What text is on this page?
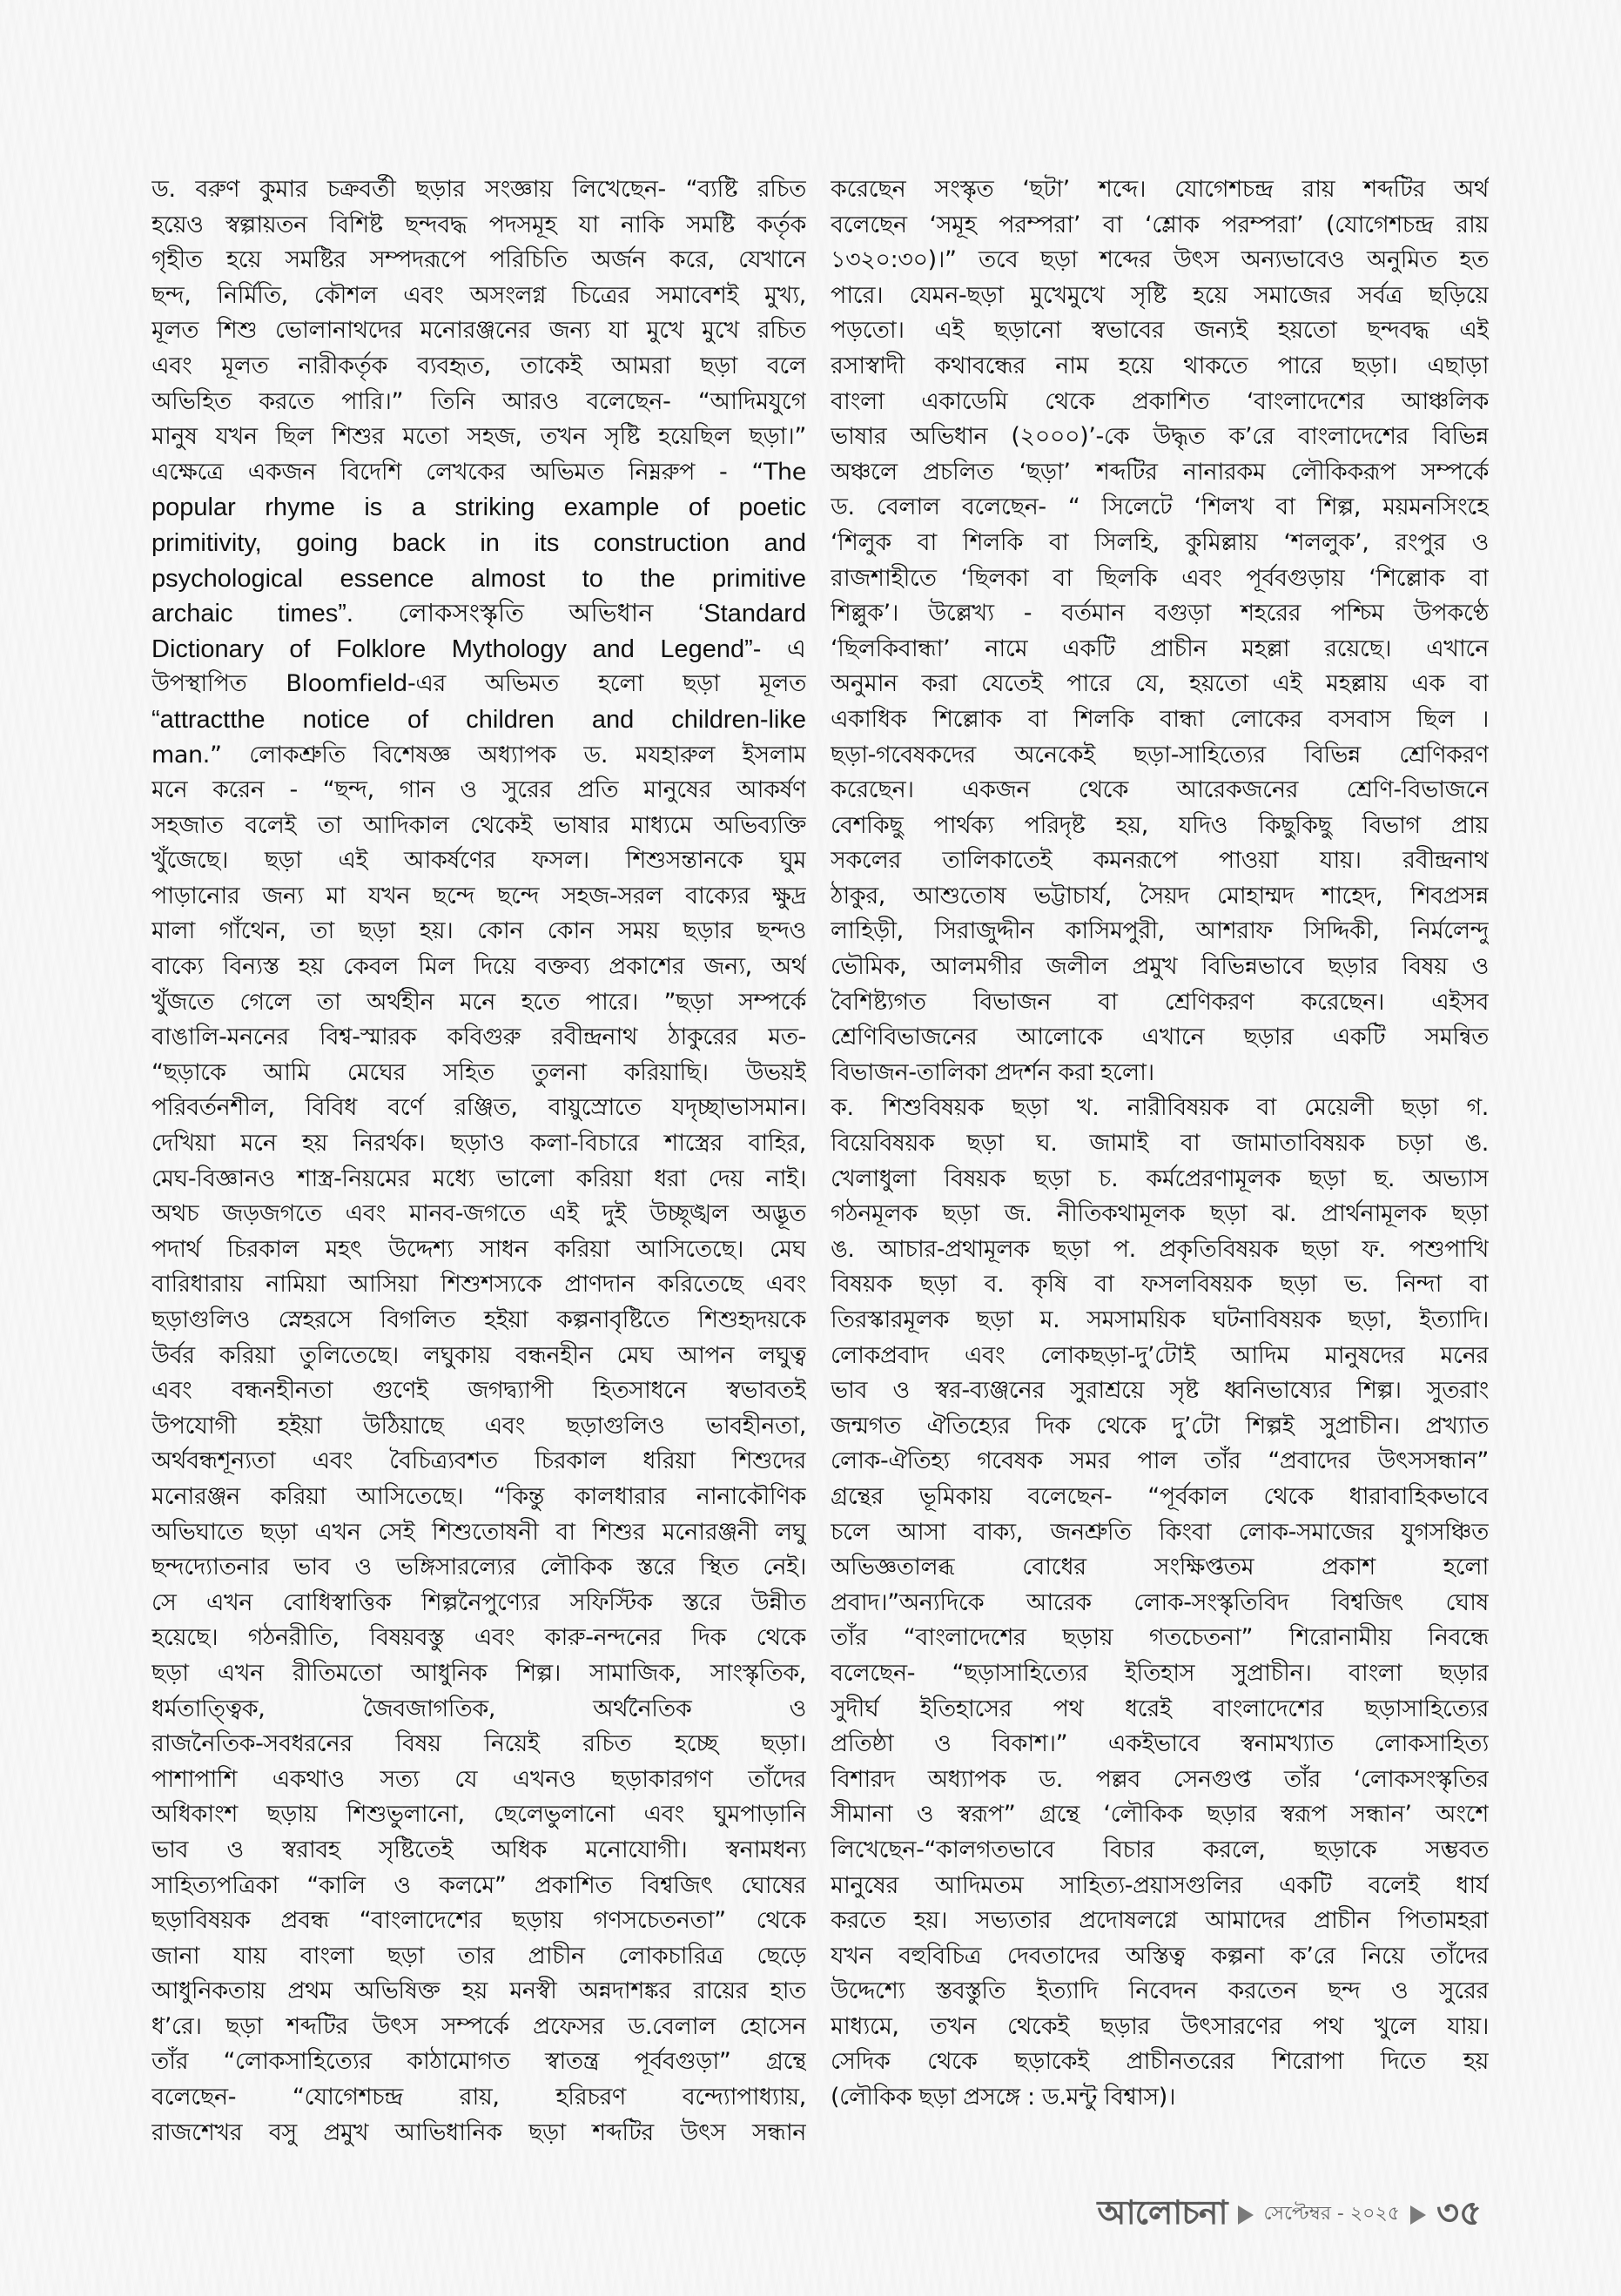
ড. বরুণ কুমার চক্রবর্তী ছড়ার সংজ্ঞায় লিখেছেন- “ব্যষ্টি রচিত
হয়েও স্বল্পায়তন বিশিষ্ট ছন্দবদ্ধ পদসমূহ যা নাকি সমষ্টি কর্তৃক
গৃহীত হয়ে সমষ্টির সম্পদরূপে পরিচিতি অর্জন করে, যেখানে
ছন্দ, নির্মিতি, কৌশল এবং অসংলগ্ন চিত্রের সমাবেশই মুখ্য,
মূলত শিশু ভোলানাথদের মনোরঞ্জনের জন্য যা মুখে মুখে রচিত
এবং মূলত নারীকর্তৃক ব্যবহৃত, তাকেই আমরা ছড়া বলে
অভিহিত করতে পারি।” তিনি আরও বলেছেন- “আদিমযুগে
মানুষ যখন ছিল শিশুর মতো সহজ, তখন সৃষ্টি হয়েছিল ছড়া।”
এক্ষেত্রে একজন বিদেশি লেখকের অভিমত নিম্নরুপ - “The
popular rhyme is a striking example of poetic
primitivity, going back in its construction and
psychological essence almost to the primitive
archaic times”. লোকসংস্কৃতি অভিধান ‘Standard
Dictionary of Folklore Mythology and Legend”- এ
উপস্থাপিত Bloomfield-এর অভিমত হলো ছড়া মূলত
“attractthe notice of children and children-like
man.” লোকশ্রুতি বিশেষজ্ঞ অধ্যাপক ড. মযহারুল ইসলাম
মনে করেন - “ছন্দ, গান ও সুরের প্রতি মানুষের আকর্ষণ
সহজাত বলেই তা আদিকাল থেকেই ভাষার মাধ্যমে অভিব্যক্তি
খুঁজেছে। ছড়া এই আকর্ষণের ফসল। শিশুসন্তানকে ঘুম
পাড়ানোর জন্য মা যখন ছন্দে ছন্দে সহজ-সরল বাক্যের ক্ষুদ্র
মালা গাঁথেন, তা ছড়া হয়। কোন কোন সময় ছড়ার ছন্দও
বাক্যে বিন্যস্ত হয় কেবল মিল দিয়ে বক্তব্য প্রকাশের জন্য, অর্থ
খুঁজতে গেলে তা অর্থহীন মনে হতে পারে। ”ছড়া সম্পর্কে
বাঙালি-মননের বিশ্ব-স্মারক কবিগুরু রবীন্দ্রনাথ ঠাকুরের মত-
“ছড়াকে আমি মেঘের সহিত তুলনা করিয়াছি। উভয়ই
পরিবর্তনশীল, বিবিধ বর্ণে রঞ্জিত, বায়ুস্রোতে যদৃচ্ছাভাসমান।
দেখিয়া মনে হয় নিরর্থক। ছড়াও কলা-বিচারে শাস্ত্রের বাহির,
মেঘ-বিজ্ঞানও শাস্ত্র-নিয়মের মধ্যে ভালো করিয়া ধরা দেয় নাই।
অথচ জড়জগতে এবং মানব-জগতে এই দুই উচ্ছৃঙ্খল অদ্ভূত
পদার্থ চিরকাল মহৎ উদ্দেশ্য সাধন করিয়া আসিতেছে। মেঘ
বারিধারায় নামিয়া আসিয়া শিশুশস্যকে প্রাণদান করিতেছে এবং
ছড়াগুলিও স্নেহরসে বিগলিত হইয়া কল্পনাবৃষ্টিতে শিশুহৃদয়কে
উর্বর করিয়া তুলিতেছে। লঘুকায় বন্ধনহীন মেঘ আপন লঘুত্ব
এবং বন্ধনহীনতা গুণেই জগদ্ব্যাপী হিতসাধনে স্বভাবতই
উপযোগী হইয়া উঠিয়াছে এবং ছড়াগুলিও ভাবহীনতা,
অর্থবন্ধশূন্যতা এবং বৈচিত্র্যবশত চিরকাল ধরিয়া শিশুদের
মনোরঞ্জন করিয়া আসিতেছে। “কিন্তু কালধারার নানাকৌণিক
অভিঘাতে ছড়া এখন সেই শিশুতোষনী বা শিশুর মনোরঞ্জনী লঘু
ছন্দদ্যোতনার ভাব ও ভঙ্গিসারল্যের লৌকিক স্তরে স্থিত নেই।
সে এখন বোধিস্বাত্তিক শিল্পনৈপুণ্যের সফিস্টিক স্তরে উন্নীত
হয়েছে। গঠনরীতি, বিষয়বস্তু এবং কারু-নন্দনের দিক থেকে
ছড়া এখন রীতিমতো আধুনিক শিল্প। সামাজিক, সাংস্কৃতিক,
ধর্মতাত্ত্বিক, জৈবজাগতিক, অর্থনৈতিক ও
রাজনৈতিক-সবধরনের বিষয় নিয়েই রচিত হচ্ছে ছড়া।
পাশাপাশি একথাও সত্য যে এখনও ছড়াকারগণ তাঁদের
অধিকাংশ ছড়ায় শিশুভুলানো, ছেলেভুলানো এবং ঘুমপাড়ানি
ভাব ও স্বরাবহ সৃষ্টিতেই অধিক মনোযোগী। স্বনামধন্য
সাহিত্যপত্রিকা “কালি ও কলমে” প্রকাশিত বিশ্বজিৎ ঘোষের
ছড়াবিষয়ক প্রবন্ধ “বাংলাদেশের ছড়ায় গণসচেতনতা” থেকে
জানা যায় বাংলা ছড়া তার প্রাচীন লোকচারিত্র ছেড়ে
আধুনিকতায় প্রথম অভিষিক্ত হয় মনস্বী অন্নদাশঙ্কর রায়ের হাত
ধ’রে। ছড়া শব্দটির উৎস সম্পর্কে প্রফেসর ড.বেলাল হোসেন
তাঁর “লোকসাহিত্যের কাঠামোগত স্বাতন্ত্র পূর্ববগুড়া” গ্রন্থে
বলেছেন- “যোগেশচন্দ্র রায়, হরিচরণ বন্দ্যোপাধ্যায়,
রাজশেখর বসু প্রমুখ আভিধানিক ছড়া শব্দটির উৎস সন্ধান
করেছেন সংস্কৃত ‘ছটা’ শব্দে। যোগেশচন্দ্র রায় শব্দটির অর্থ
বলেছেন ‘সমূহ পরম্পরা’ বা ‘শ্লোক পরম্পরা’ (যোগেশচন্দ্র রায়
১৩২০:৩০)।” তবে ছড়া শব্দের উৎস অন্যভাবেও অনুমিত হত
পারে। যেমন-ছড়া মুখেমুখে সৃষ্টি হয়ে সমাজের সর্বত্র ছড়িয়ে
পড়তো। এই ছড়ানো স্বভাবের জন্যই হয়তো ছন্দবদ্ধ এই
রসাস্বাদী কথাবন্ধের নাম হয়ে থাকতে পারে ছড়া। এছাড়া
বাংলা একাডেমি থেকে প্রকাশিত ‘বাংলাদেশের আঞ্চলিক
ভাষার অভিধান (২০০০)’-কে উদ্ধৃত ক’রে বাংলাদেশের বিভিন্ন
অঞ্চলে প্রচলিত ‘ছড়া’ শব্দটির নানারকম লৌকিকরূপ সম্পর্কে
ড. বেলাল বলেছেন- “ সিলেটে ‘শিলখ বা শিল্প, ময়মনসিংহে
‘শিলুক বা শিলকি বা সিলহি, কুমিল্লায় ‘শললুক’, রংপুর ও
রাজশাহীতে ‘ছিলকা বা ছিলকি এবং পূর্ববগুড়ায় ‘শিল্লোক বা
শিল্লুক’। উল্লেখ্য - বর্তমান বগুড়া শহরের পশ্চিম উপকণ্ঠে
‘ছিলকিবান্ধা’ নামে একটি প্রাচীন মহল্লা রয়েছে। এখানে
অনুমান করা যেতেই পারে যে, হয়তো এই মহল্লায় এক বা
একাধিক শিল্লোক বা শিলকি বান্ধা লোকের বসবাস ছিল ।
ছড়া-গবেষকদের অনেকেই ছড়া-সাহিত্যের বিভিন্ন শ্রেণিকরণ
করেছেন। একজন থেকে আরেকজনের শ্রেণি-বিভাজনে
বেশকিছু পার্থক্য পরিদৃষ্ট হয়, যদিও কিছুকিছু বিভাগ প্রায়
সকলের তালিকাতেই কমনরূপে পাওয়া যায়। রবীন্দ্রনাথ
ঠাকুর, আশুতোষ ভট্টাচার্য, সৈয়দ মোহাম্মদ শাহেদ, শিবপ্রসন্ন
লাহিড়ী, সিরাজুদ্দীন কাসিমপুরী, আশরাফ সিদ্দিকী, নির্মলেন্দু
ভৌমিক, আলমগীর জলীল প্রমুখ বিভিন্নভাবে ছড়ার বিষয় ও
বৈশিষ্ট্যগত বিভাজন বা শ্রেণিকরণ করেছেন। এইসব
শ্রেণিবিভাজনের আলোকে এখানে ছড়ার একটি সমন্বিত
বিভাজন-তালিকা প্রদর্শন করা হলো।
ক. শিশুবিষয়ক ছড়া খ. নারীবিষয়ক বা মেয়েলী ছড়া গ.
বিয়েবিষয়ক ছড়া ঘ. জামাই বা জামাতাবিষয়ক চড়া ঙ.
খেলাধুলা বিষয়ক ছড়া চ. কর্মপ্রেরণামূলক ছড়া ছ. অভ্যাস
গঠনমূলক ছড়া জ. নীতিকথামূলক ছড়া ঝ. প্রার্থনামূলক ছড়া
ঙ. আচার-প্রথামূলক ছড়া প. প্রকৃতিবিষয়ক ছড়া ফ. পশুপাখি
বিষয়ক ছড়া ব. কৃষি বা ফসলবিষয়ক ছড়া ভ. নিন্দা বা
তিরস্কারমূলক ছড়া ম. সমসাময়িক ঘটনাবিষয়ক ছড়া, ইত্যাদি।
লোকপ্রবাদ এবং লোকছড়া-দু’টোই আদিম মানুষদের মনের
ভাব ও স্বর-ব্যঞ্জনের সুরাশ্রয়ে সৃষ্ট ধ্বনিভাষ্যের শিল্প। সুতরাং
জন্মগত ঐতিহ্যের দিক থেকে দু’টো শিল্পই সুপ্রাচীন। প্রখ্যাত
লোক-ঐতিহ্য গবেষক সমর পাল তাঁর “প্রবাদের উৎসসন্ধান”
গ্রন্থের ভূমিকায় বলেছেন- “পূর্বকাল থেকে ধারাবাহিকভাবে
চলে আসা বাক্য, জনশ্রুতি কিংবা লোক-সমাজের যুগসঞ্চিত
অভিজ্ঞতালব্ধ বোধের সংক্ষিপ্ততম প্রকাশ হলো
প্রবাদ।”অন্যদিকে আরেক লোক-সংস্কৃতিবিদ বিশ্বজিৎ ঘোষ
তাঁর “বাংলাদেশের ছড়ায় গতচেতনা” শিরোনামীয় নিবন্ধে
বলেছেন- “ছড়াসাহিত্যের ইতিহাস সুপ্রাচীন। বাংলা ছড়ার
সুদীর্ঘ ইতিহাসের পথ ধরেই বাংলাদেশের ছড়াসাহিত্যের
প্রতিষ্ঠা ও বিকাশ।” একইভাবে স্বনামখ্যাত লোকসাহিত্য
বিশারদ অধ্যাপক ড. পল্লব সেনগুপ্ত তাঁর ‘লোকসংস্কৃতির
সীমানা ও স্বরূপ” গ্রন্থে ‘লৌকিক ছড়ার স্বরূপ সন্ধান’ অংশে
লিখেছেন-“কালগতভাবে বিচার করলে, ছড়াকে সম্ভবত
মানুষের আদিমতম সাহিত্য-প্রয়াসগুলির একটি বলেই ধার্য
করতে হয়। সভ্যতার প্রদোষলগ্নে আমাদের প্রাচীন পিতামহরা
যখন বহুবিচিত্র দেবতাদের অস্তিত্ব কল্পনা ক’রে নিয়ে তাঁদের
উদ্দেশ্যে স্তবস্তুতি ইত্যাদি নিবেদন করতেন ছন্দ ও সুরের
মাধ্যমে, তখন থেকেই ছড়ার উৎসারণের পথ খুলে যায়।
সেদিক থেকে ছড়াকেই প্রাচীনতরের শিরোপা দিতে হয়
(লৌকিক ছড়া প্রসঙ্গে : ড.মন্টু বিশ্বাস)।
আলোচনা সেপ্টেম্বর - ২০২৫ ৩৫
